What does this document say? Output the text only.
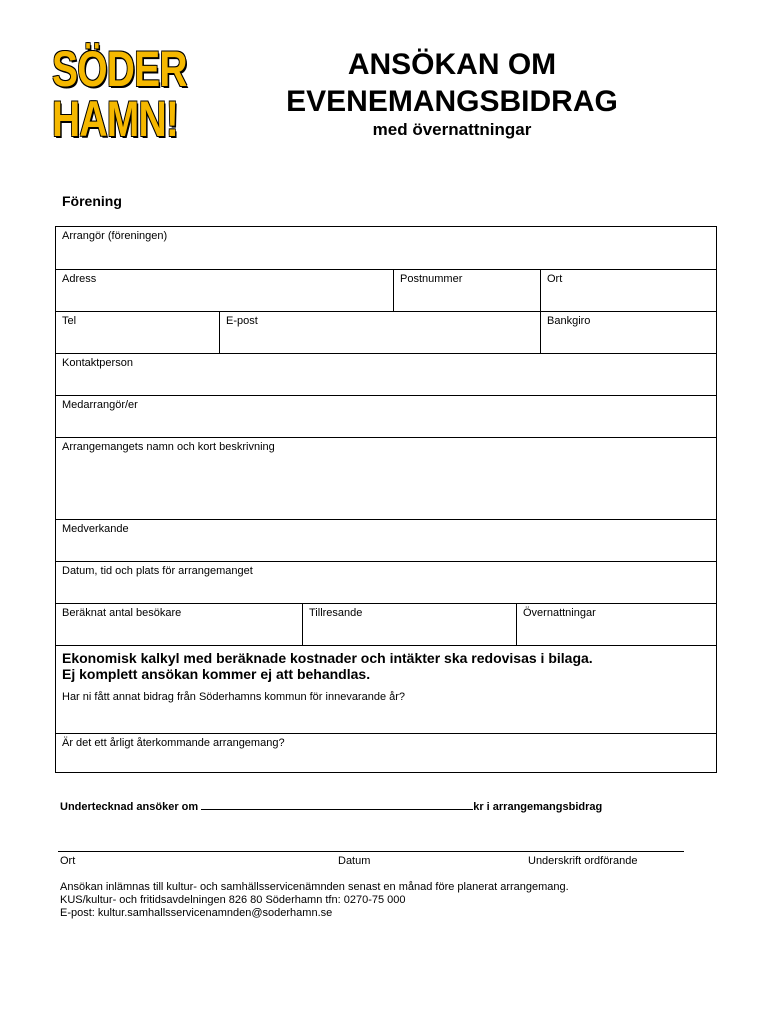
SÖDER
HAMN!
ANSÖKAN OM
EVENEMANGSBIDRAG
med övernattningar
Förening
Arrangör (föreningen)
Adress	Postnummer	Ort
Tel	E-post	Bankgiro
Kontaktperson
Medarrangör/er
Arrangemangets namn och kort beskrivning
Medverkande
Datum, tid och plats för arrangemanget
Beräknat antal besökare	Tillresande	Övernattningar
Ekonomisk kalkyl med beräknade kostnader och intäkter ska redovisas i bilaga.
Ej komplett ansökan kommer ej att behandlas.
Har ni fått annat bidrag från Söderhamns kommun för innevarande år?
Är det ett årligt återkommande arrangemang?
Undertecknad ansöker om	kr i arrangemangsbidrag
Ort	Datum	Underskrift ordförande
Ansökan inlämnas till kultur- och samhällsservicenämnden senast en månad före planerat arrangemang.
KUS/kultur- och fritidsavdelningen 826 80 Söderhamn tfn: 0270-75 000
E-post: kultur.samhallsservicenamnden@soderhamn.se
